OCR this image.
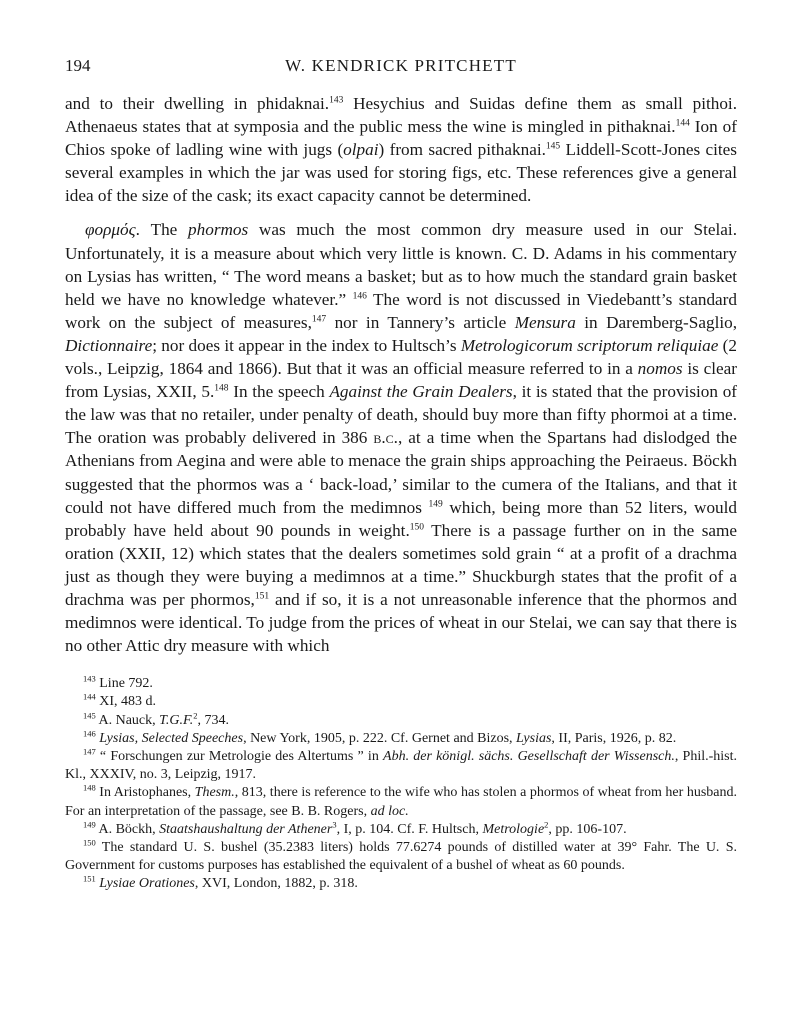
194	W. KENDRICK PRITCHETT

and to their dwelling in phidaknai.$^{143}$ Hesychius and Suidas define them as small pithoi. Athenaeus states that at symposia and the public mess the wine is mingled in pithaknai.$^{144}$ Ion of Chios spoke of ladling wine with jugs (olpai) from sacred pithaknai.$^{145}$ Liddell-Scott-Jones cites several examples in which the jar was used for storing figs, etc. These references give a general idea of the size of the cask; its exact capacity cannot be determined.

φορμός. The phormos was much the most common dry measure used in our Stelai. Unfortunately, it is a measure about which very little is known. C. D. Adams in his commentary on Lysias has written, “ The word means a basket; but as to how much the standard grain basket held we have no knowledge whatever.” $^{146}$ The word is not discussed in Viedebantt’s standard work on the subject of measures,$^{147}$ nor in Tannery’s article Mensura in Daremberg-Saglio, Dictionnaire; nor does it appear in the index to Hultsch’s Metrologicorum scriptorum reliquiae (2 vols., Leipzig, 1864 and 1866). But that it was an official measure referred to in a nomos is clear from Lysias, XXII, 5.$^{148}$ In the speech Against the Grain Dealers, it is stated that the provision of the law was that no retailer, under penalty of death, should buy more than fifty phormoi at a time. The oration was probably delivered in 386 b.c., at a time when the Spartans had dislodged the Athenians from Aegina and were able to menace the grain ships approaching the Peiraeus. Böckh suggested that the phormos was a ‘ back-load,’ similar to the cumera of the Italians, and that it could not have differed much from the medimnos $^{149}$ which, being more than 52 liters, would probably have held about 90 pounds in weight.$^{150}$ There is a passage further on in the same oration (XXII, 12) which states that the dealers sometimes sold grain “ at a profit of a drachma just as though they were buying a medimnos at a time.” Shuckburgh states that the profit of a drachma was per phormos,$^{151}$ and if so, it is a not unreasonable inference that the phormos and medimnos were identical. To judge from the prices of wheat in our Stelai, we can say that there is no other Attic dry measure with which

$^{143}$ Line 792.

$^{144}$ XI, 483 d.

$^{145}$ A. Nauck, T.G.F.$^2$, 734.

$^{146}$ Lysias, Selected Speeches, New York, 1905, p. 222. Cf. Gernet and Bizos, Lysias, II, Paris, 1926, p. 82.

$^{147}$ “ Forschungen zur Metrologie des Altertums ” in Abh. der königl. sächs. Gesellschaft der Wissensch., Phil.-hist. Kl., XXXIV, no. 3, Leipzig, 1917.

$^{148}$ In Aristophanes, Thesm., 813, there is reference to the wife who has stolen a phormos of wheat from her husband. For an interpretation of the passage, see B. B. Rogers, ad loc.

$^{149}$ A. Böckh, Staatshaushaltung der Athener$^3$, I, p. 104. Cf. F. Hultsch, Metrologie$^2$, pp. 106-107.

$^{150}$ The standard U. S. bushel (35.2383 liters) holds 77.6274 pounds of distilled water at 39° Fahr. The U. S. Government for customs purposes has established the equivalent of a bushel of wheat as 60 pounds.

$^{151}$ Lysiae Orationes, XVI, London, 1882, p. 318.
